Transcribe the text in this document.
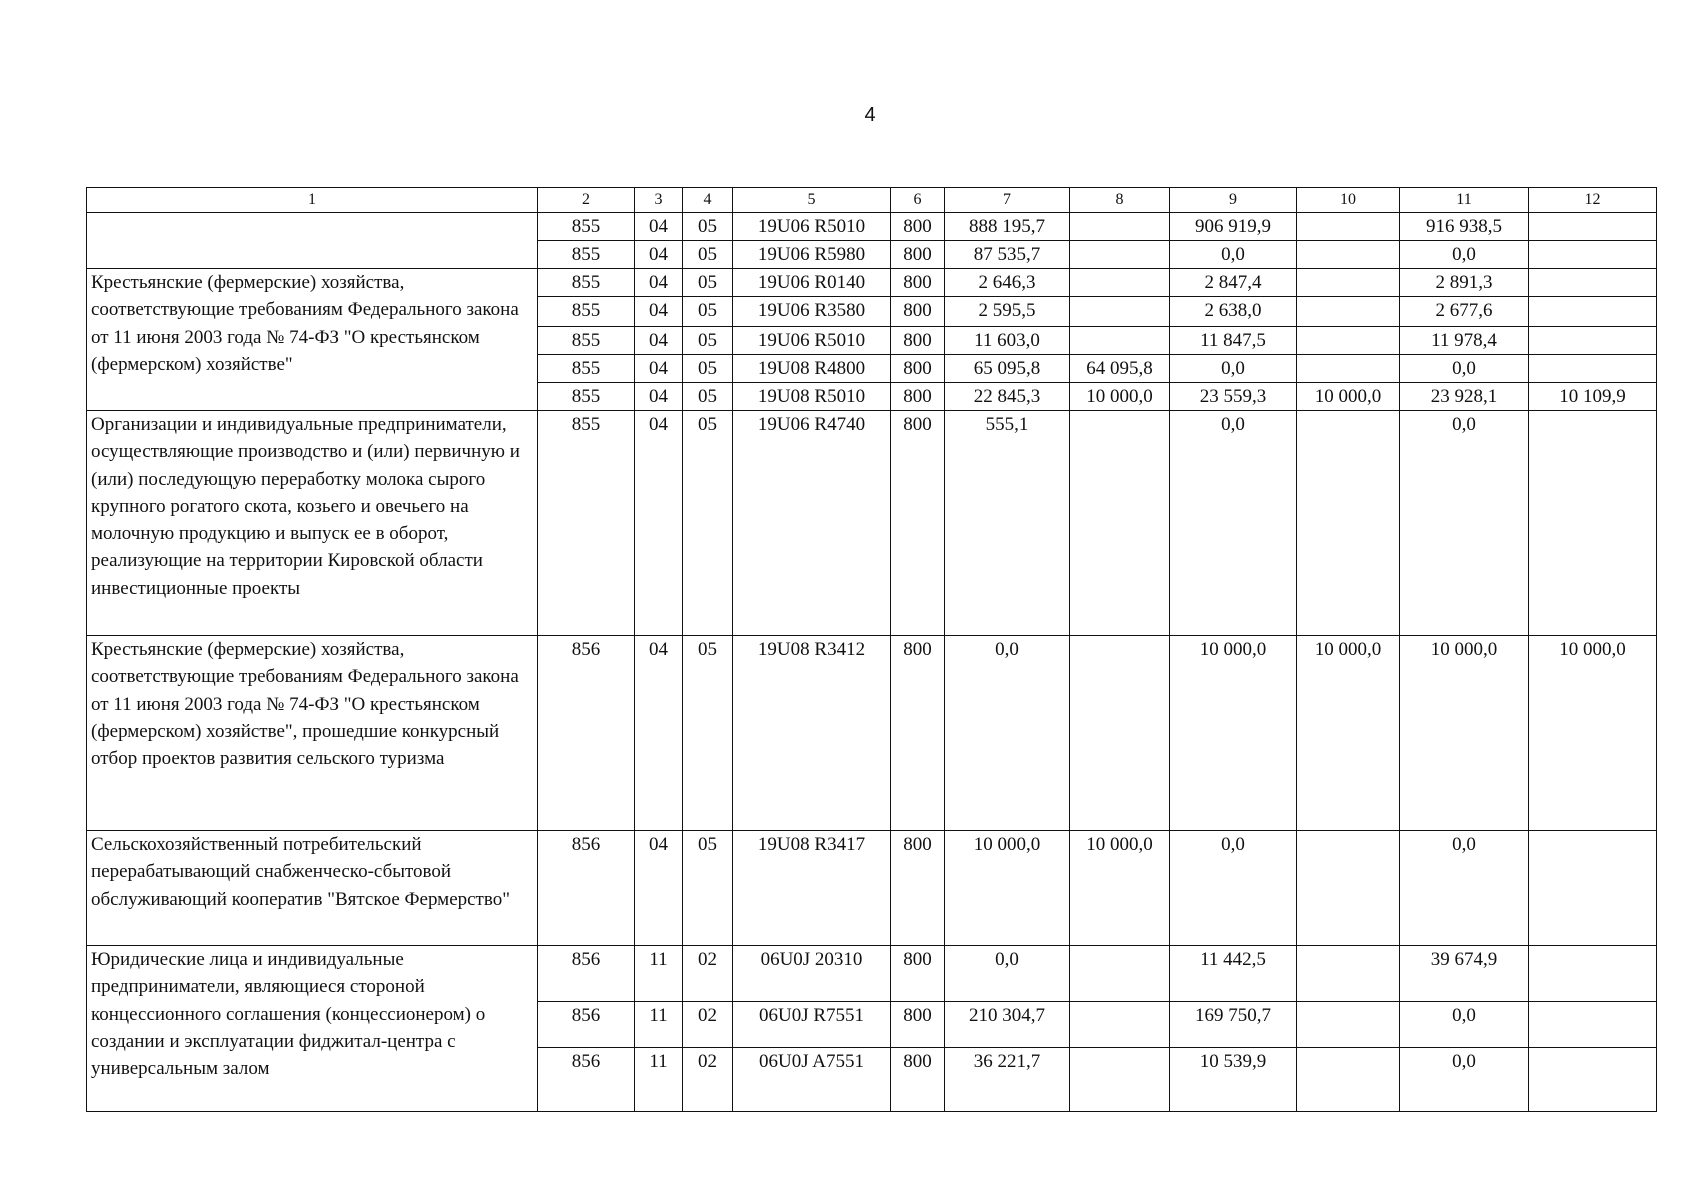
4
1	2	3	4	5	6	7	8	9	10	11	12
	855	04	05	19U06 R5010	800	888 195,7		906 919,9		916 938,5	
	855	04	05	19U06 R5980	800	87 535,7		0,0		0,0	
Крестьянские (фермерские) хозяйства, соответствующие требованиям Федерального закона от 11 июня 2003 года № 74-ФЗ "О крестьянском (фермерском) хозяйстве"	855	04	05	19U06 R0140	800	2 646,3		2 847,4		2 891,3	
	855	04	05	19U06 R3580	800	2 595,5		2 638,0		2 677,6	
	855	04	05	19U06 R5010	800	11 603,0		11 847,5		11 978,4	
	855	04	05	19U08 R4800	800	65 095,8	64 095,8	0,0		0,0	
	855	04	05	19U08 R5010	800	22 845,3	10 000,0	23 559,3	10 000,0	23 928,1	10 109,9
Организации и индивидуальные предприниматели, осуществляющие производство и (или) первичную и (или) последующую переработку молока сырого крупного рогатого скота, козьего и овечьего на молочную продукцию и выпуск ее в оборот, реализующие на территории Кировской области инвестиционные проекты	855	04	05	19U06 R4740	800	555,1		0,0		0,0	
Крестьянские (фермерские) хозяйства, соответствующие требованиям Федерального закона от 11 июня 2003 года № 74-ФЗ "О крестьянском (фермерском) хозяйстве", прошедшие конкурсный отбор проектов развития сельского туризма	856	04	05	19U08 R3412	800	0,0		10 000,0	10 000,0	10 000,0	10 000,0
Сельскохозяйственный потребительский перерабатывающий снабженческо-сбытовой обслуживающий кооператив "Вятское Фермерство"	856	04	05	19U08 R3417	800	10 000,0	10 000,0	0,0		0,0	
Юридические лица и индивидуальные предприниматели, являющиеся стороной концессионного соглашения (концессионером) о создании и эксплуатации фиджитал-центра с универсальным залом	856	11	02	06U0J 20310	800	0,0		11 442,5		39 674,9	
	856	11	02	06U0J R7551	800	210 304,7		169 750,7		0,0	
	856	11	02	06U0J A7551	800	36 221,7		10 539,9		0,0	
